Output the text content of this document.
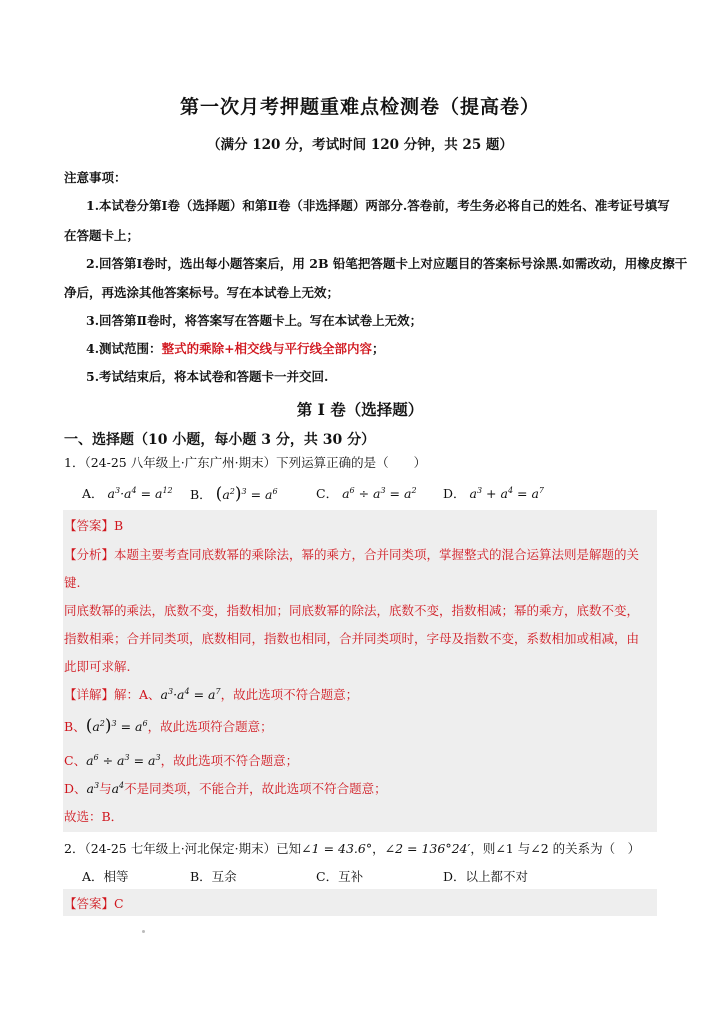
第一次月考押题重难点检测卷（提高卷）
（满分 120 分，考试时间 120 分钟，共 25 题）
注意事项：
1.本试卷分第Ⅰ卷（选择题）和第Ⅱ卷（非选择题）两部分.答卷前，考生务必将自己的姓名、准考证号填写
在答题卡上；
2.回答第Ⅰ卷时，选出每小题答案后，用 2B 铅笔把答题卡上对应题目的答案标号涂黑.如需改动，用橡皮擦干
净后，再选涂其他答案标号。写在本试卷上无效；
3.回答第Ⅱ卷时，将答案写在答题卡上。写在本试卷上无效；
4.测试范围：整式的乘除+相交线与平行线全部内容；
5.考试结束后，将本试卷和答题卡一并交回.
第 I 卷（选择题）
一、选择题（10 小题，每小题 3 分，共 30 分）
1．（24-25 八年级上·广东广州·期末）下列运算正确的是（　　）
A． $a^3\cdot a^4 = a^{12}$ B． $(a^2)^3 = a^6$	C． $a^6 \div a^3 = a^2$ D． $a^3 + a^4 = a^7$
【答案】B
【分析】本题主要考查同底数幂的乘除法，幂的乘方，合并同类项，掌握整式的混合运算法则是解题的关
键.
同底数幂的乘法，底数不变，指数相加；同底数幂的除法，底数不变，指数相减；幂的乘方，底数不变，
指数相乘；合并同类项，底数相同，指数也相同，合并同类项时，字母及指数不变，系数相加或相减，由
此即可求解.
【详解】解：A、$a^3\cdot a^4 = a^7$，故此选项不符合题意；
B、$(a^2)^3 = a^6$，故此选项符合题意；
C、$a^6 \div a^3 = a^3$，故此选项不符合题意；
D、$a^3$与$a^4$不是同类项，不能合并，故此选项不符合题意；
故选：B．
2．（24-25 七年级上·河北保定·期末）已知∠1 = 43.6°，∠2 = 136°24′，则∠1 与∠2 的关系为（　）
A．相等	B．互余	C．互补	D．以上都不对
【答案】C
